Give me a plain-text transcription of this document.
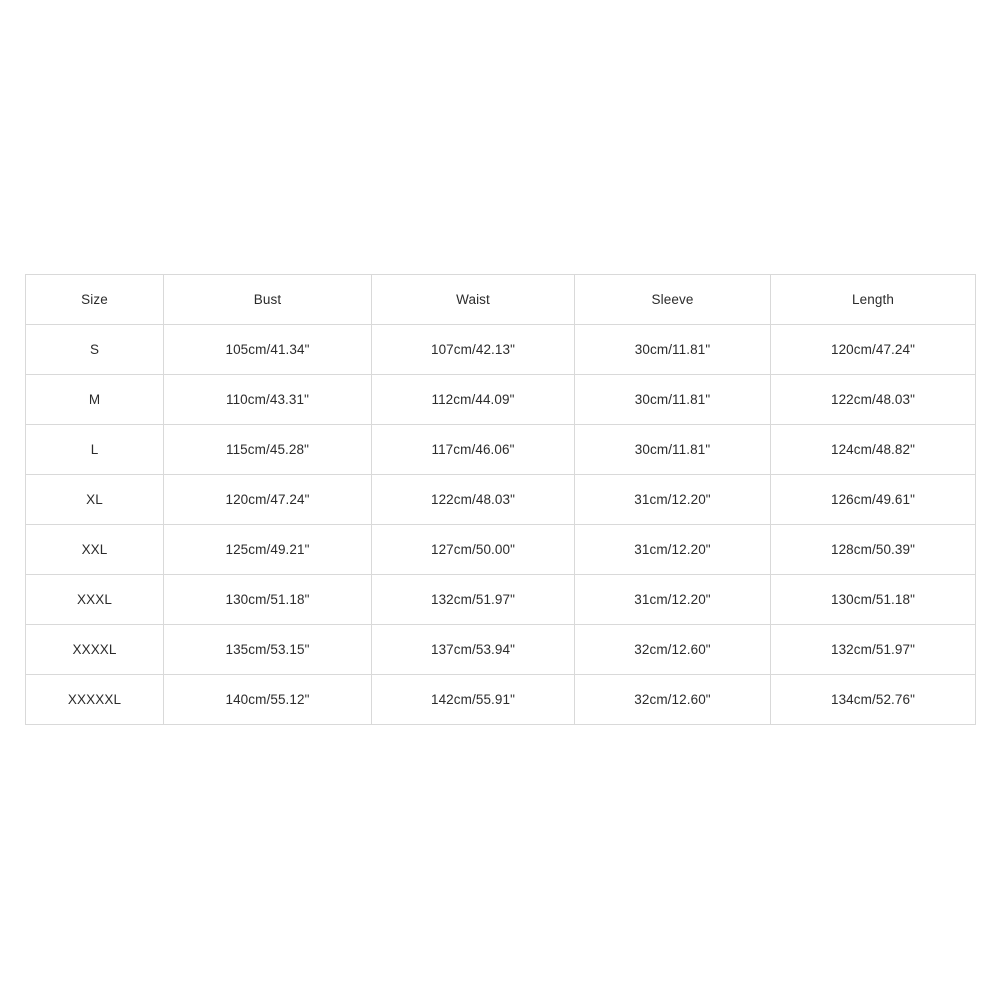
Size	Bust	Waist	Sleeve	Length
S	105cm/41.34"	107cm/42.13"	30cm/11.81"	120cm/47.24"
M	110cm/43.31"	112cm/44.09"	30cm/11.81"	122cm/48.03"
L	115cm/45.28"	117cm/46.06"	30cm/11.81"	124cm/48.82"
XL	120cm/47.24"	122cm/48.03"	31cm/12.20"	126cm/49.61"
XXL	125cm/49.21"	127cm/50.00"	31cm/12.20"	128cm/50.39"
XXXL	130cm/51.18"	132cm/51.97"	31cm/12.20"	130cm/51.18"
XXXXL	135cm/53.15"	137cm/53.94"	32cm/12.60"	132cm/51.97"
XXXXXL	140cm/55.12"	142cm/55.91"	32cm/12.60"	134cm/52.76"
